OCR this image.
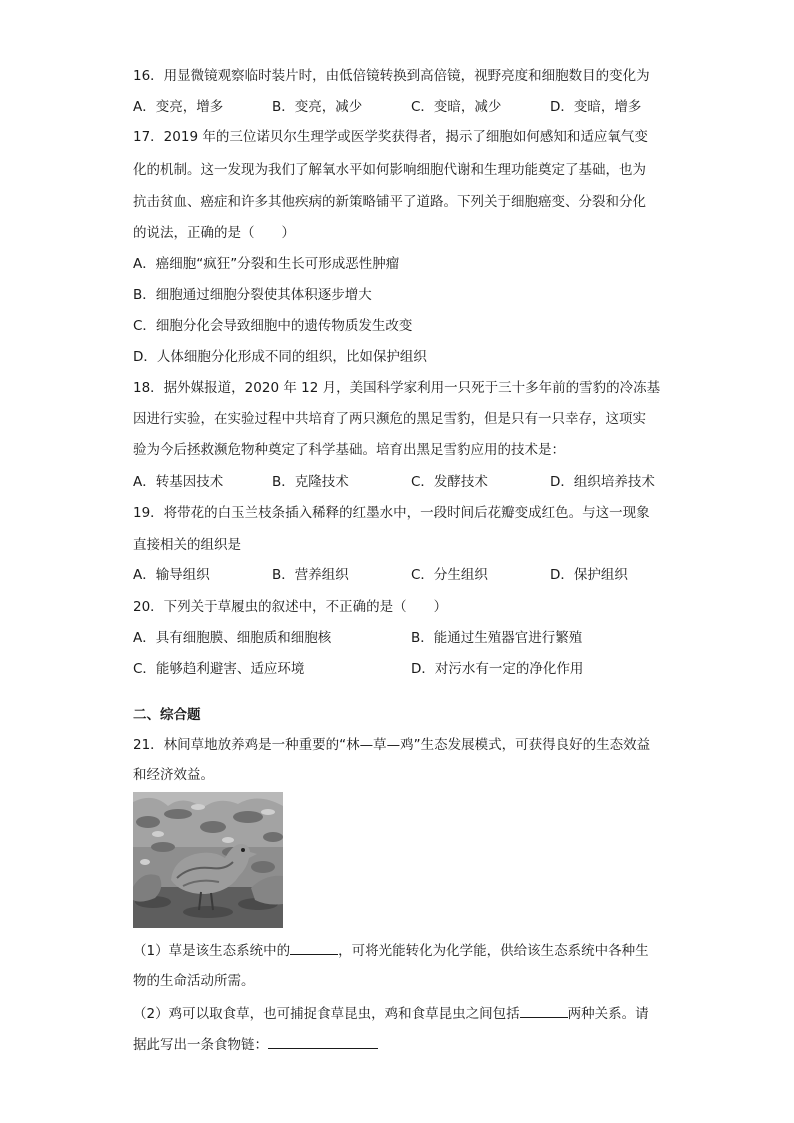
16．用显微镜观察临时装片时，由低倍镜转换到高倍镜，视野亮度和细胞数目的变化为
A．变亮，增多	B．变亮，减少	C．变暗，减少	D．变暗，增多
17．2019 年的三位诺贝尔生理学或医学奖获得者，揭示了细胞如何感知和适应氧气变
化的机制。这一发现为我们了解氧水平如何影响细胞代谢和生理功能奠定了基础，也为
抗击贫血、癌症和许多其他疾病的新策略铺平了道路。下列关于细胞癌变、分裂和分化
的说法，正确的是（　　）
A．癌细胞“疯狂”分裂和生长可形成恶性肿瘤
B．细胞通过细胞分裂使其体积逐步增大
C．细胞分化会导致细胞中的遗传物质发生改变
D．人体细胞分化形成不同的组织，比如保护组织
18．据外媒报道，2020 年 12 月，美国科学家利用一只死于三十多年前的雪豹的冷冻基
因进行实验，在实验过程中共培育了两只濒危的黑足雪豹，但是只有一只幸存，这项实
验为今后拯救濒危物种奠定了科学基础。培育出黑足雪豹应用的技术是：
A．转基因技术	B．克隆技术	C．发酵技术	D．组织培养技术
19．将带花的白玉兰枝条插入稀释的红墨水中，一段时间后花瓣变成红色。与这一现象
直接相关的组织是
A．输导组织	B．营养组织	C．分生组织	D．保护组织
20．下列关于草履虫的叙述中，不正确的是（　　）
A．具有细胞膜、细胞质和细胞核	B．能通过生殖器官进行繁殖
C．能够趋利避害、适应环境	D．对污水有一定的净化作用
二、综合题
21．林间草地放养鸡是一种重要的“林—草—鸡”生态发展模式，可获得良好的生态效益
和经济效益。
（1）草是该生态系统中的	，可将光能转化为化学能，供给该生态系统中各种生
物的生命活动所需。
（2）鸡可以取食草，也可捕捉食草昆虫，鸡和食草昆虫之间包括	两种关系。请
据此写出一条食物链：
